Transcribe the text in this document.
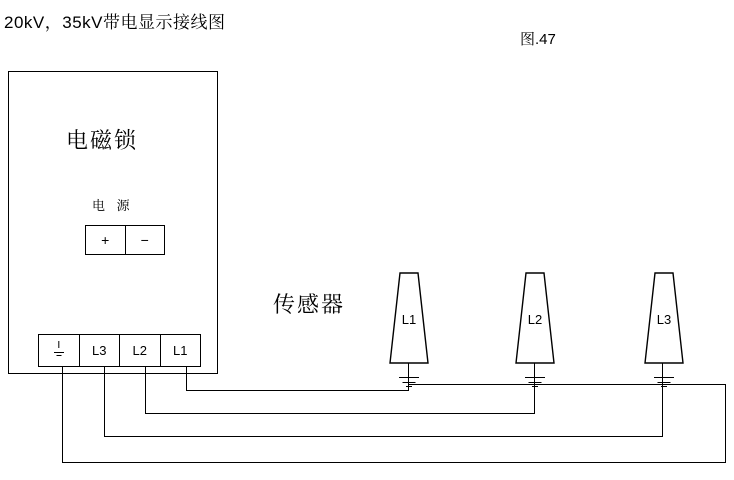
20kV，35kV带电显示接线图
图.47
电磁锁
电 源
+	−
L3	L2	L1
传感器
L1	L2	L3
